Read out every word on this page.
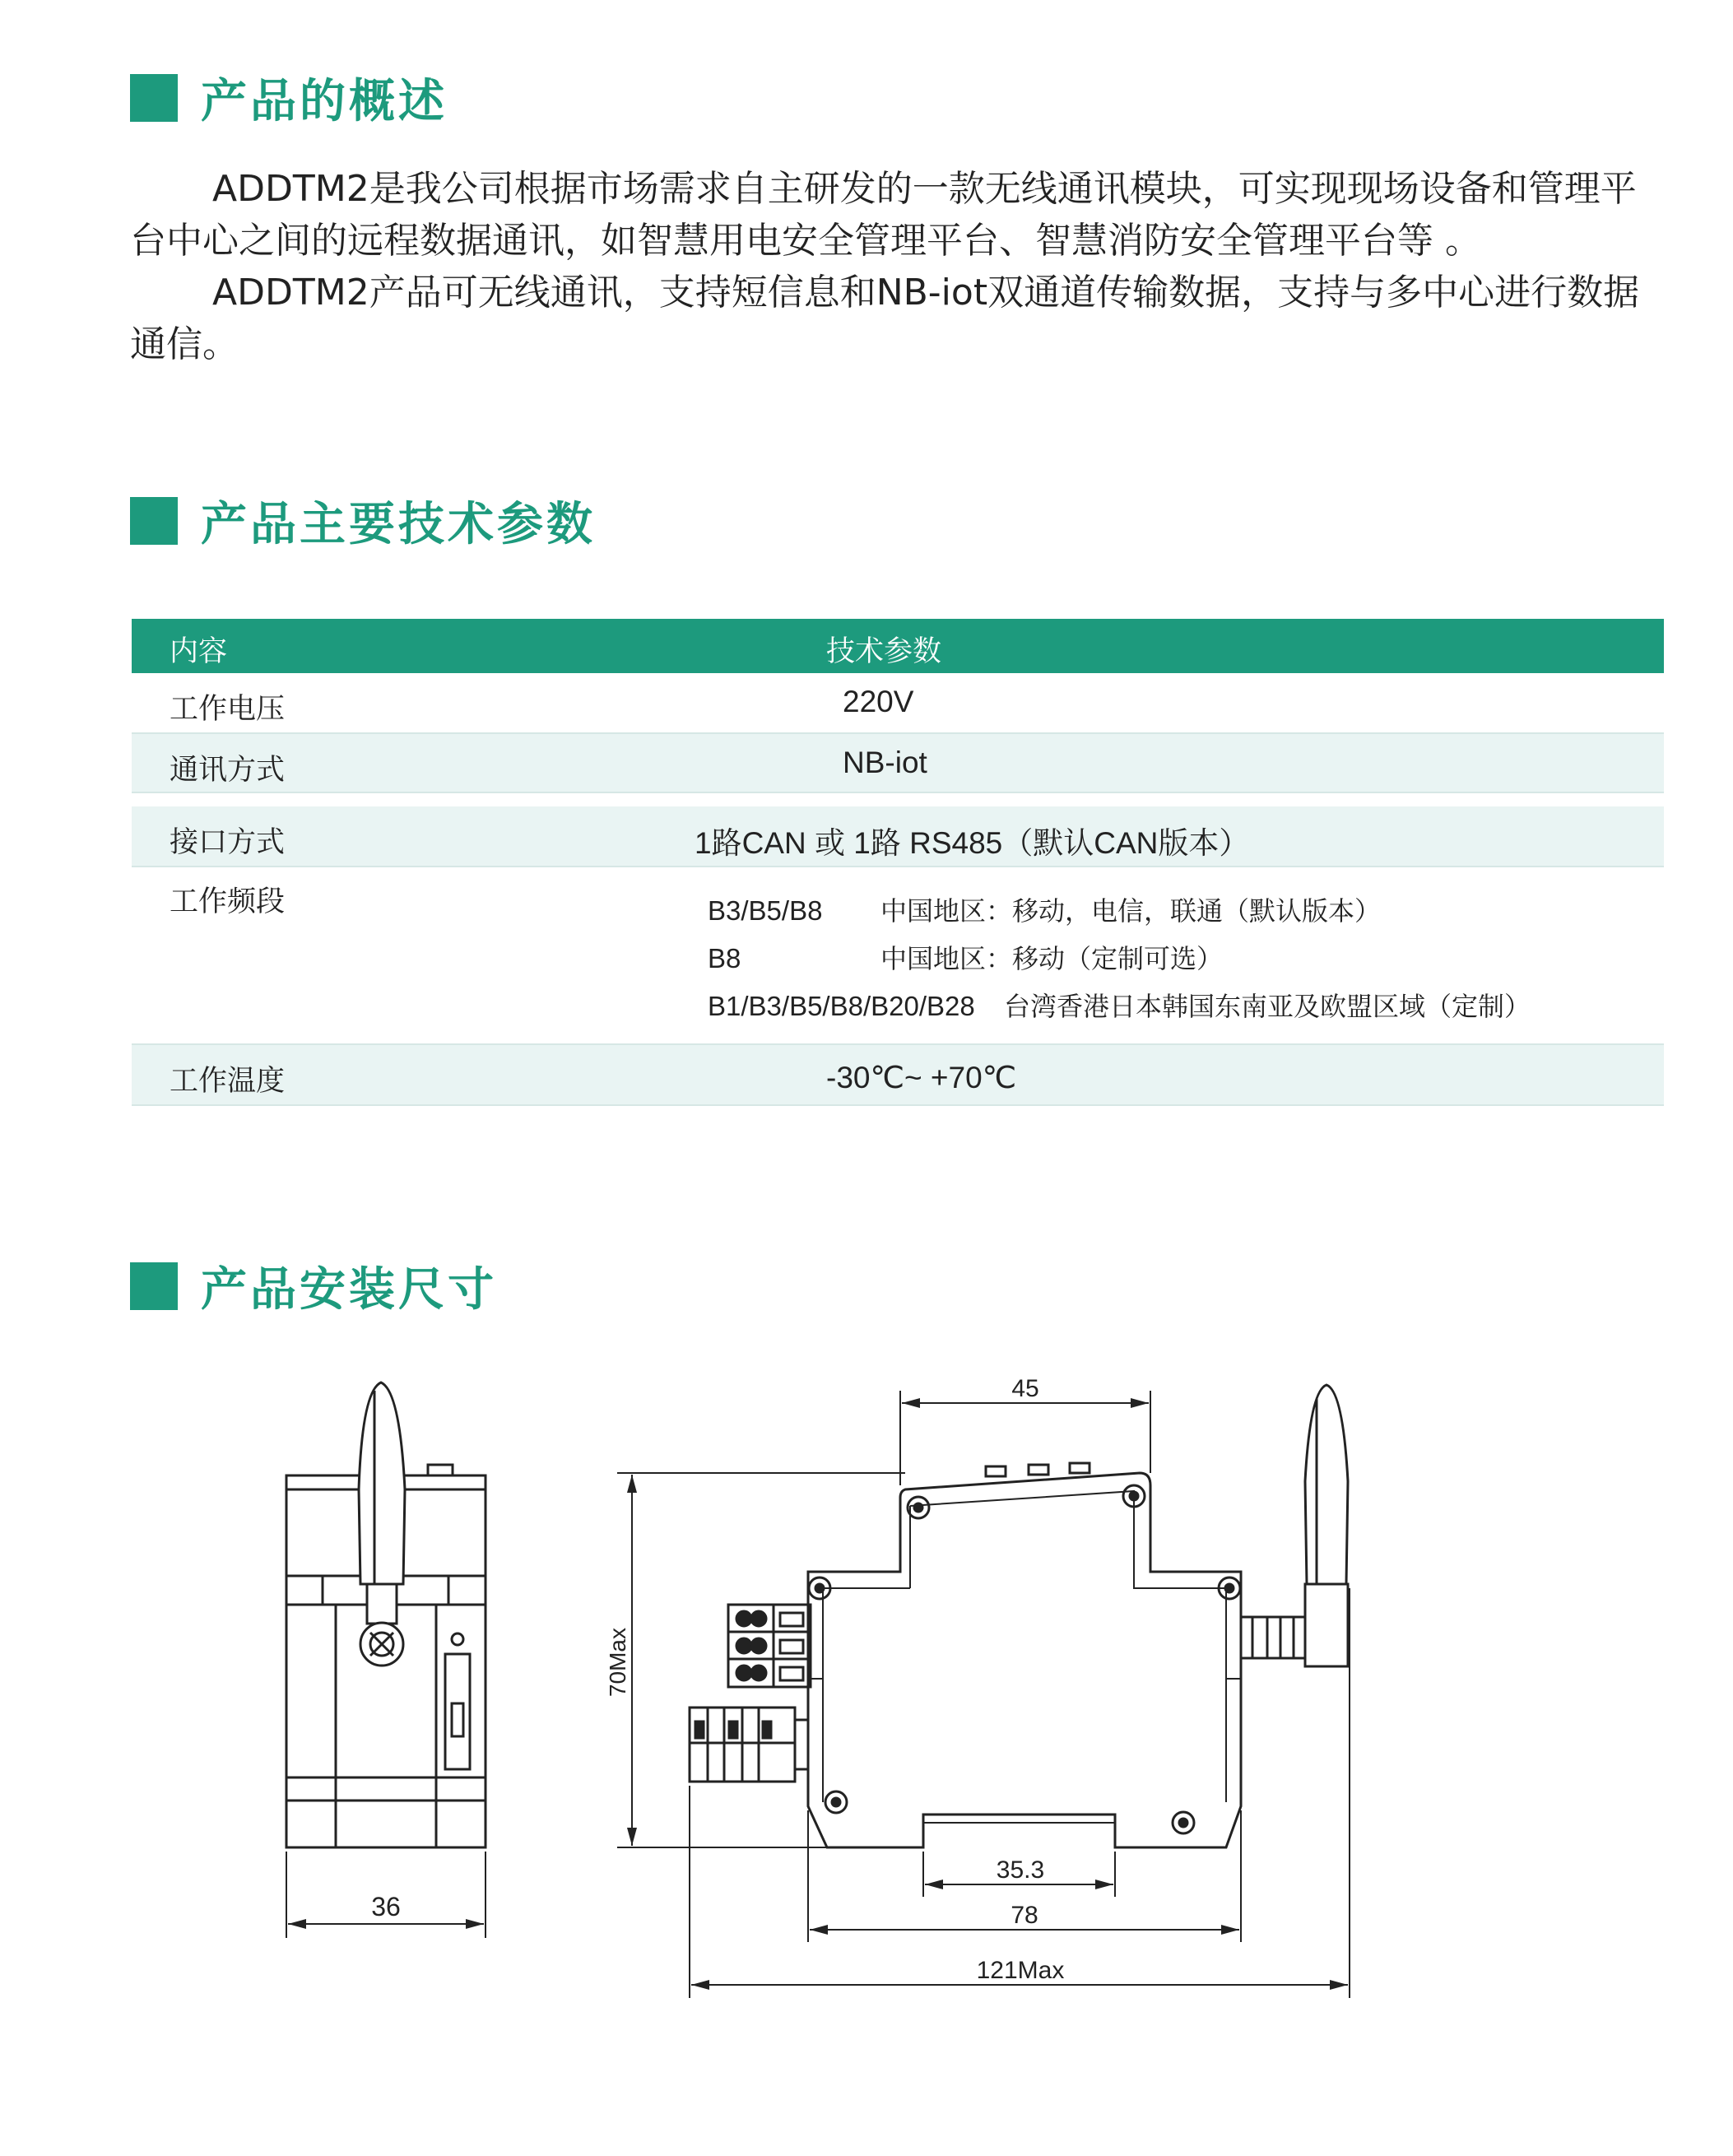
产品的概述

ADDTM2是我公司根据市场需求自主研发的一款无线通讯模块，可实现现场设备和管理平台中心之间的远程数据通讯，如智慧用电安全管理平台、智慧消防安全管理平台等 。

ADDTM2产品可无线通讯，支持短信息和NB-iot双通道传输数据，支持与多中心进行数据通信。

产品主要技术参数
内容	技术参数
工作电压	220V
通讯方式	NB-iot
接口方式	1路CAN 或 1路 RS485（默认CAN版本）
工作频段	B3/B5/B8 中国地区：移动，电信，联通（默认版本）
B8	中国地区：移动（定制可选）
B1/B3/B5/B8/B20/B28 台湾香港日本韩国东南亚及欧盟区域（定制）
工作温度	-30℃~ +70℃
产品安装尺寸
36
45
70Max
35.3
78
121Max
